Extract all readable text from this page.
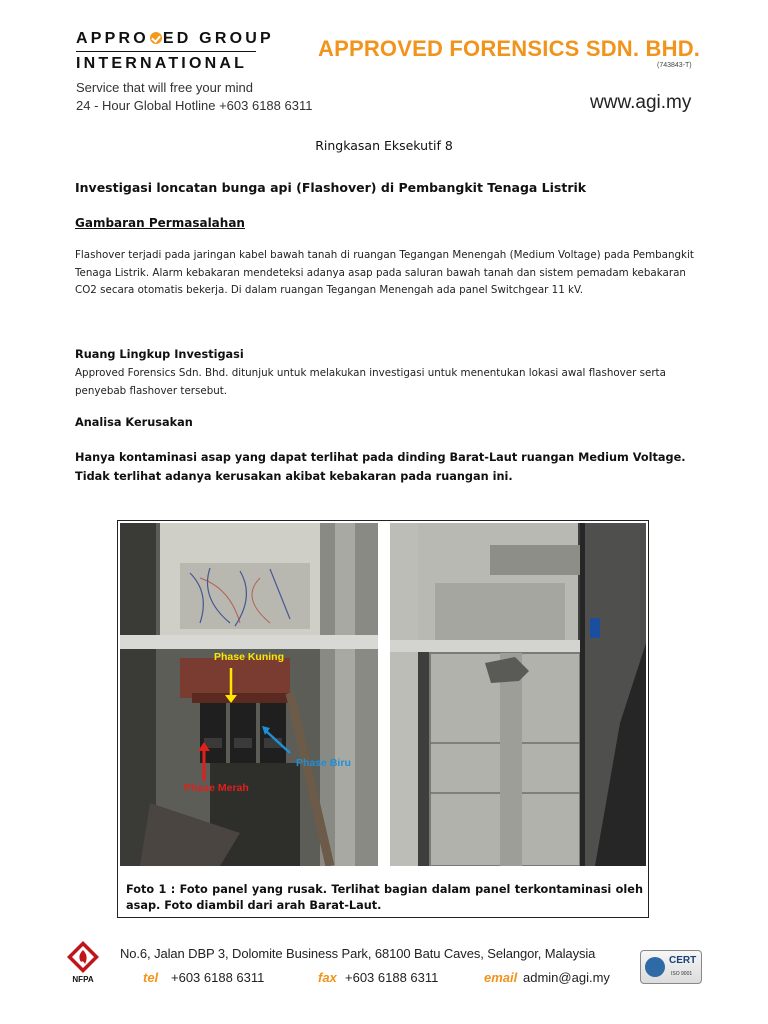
APPRO ED GROUP
INTERNATIONAL
Service that will free your mind
24 - Hour Global Hotline +603 6188 6311
APPROVED FORENSICS SDN. BHD.
(743843-T)
www.agi.my
Ringkasan Eksekutif 8
Investigasi loncatan bunga api (Flashover) di Pembangkit Tenaga Listrik
Gambaran Permasalahan
Flashover terjadi pada jaringan kabel bawah tanah di ruangan Tegangan Menengah (Medium Voltage) pada Pembangkit Tenaga Listrik. Alarm kebakaran mendeteksi adanya asap pada saluran bawah tanah dan sistem pemadam kebakaran CO2 secara otomatis bekerja. Di dalam ruangan Tegangan Menengah ada panel Switchgear 11 kV.
Ruang Lingkup Investigasi
Approved Forensics Sdn. Bhd. ditunjuk untuk melakukan investigasi untuk menentukan lokasi awal flashover serta penyebab flashover tersebut.
Analisa Kerusakan
Hanya kontaminasi asap yang dapat terlihat pada dinding Barat-Laut ruangan Medium Voltage. Tidak terlihat adanya kerusakan akibat kebakaran pada ruangan ini.
Phase Kuning
Phase Biru
Phase Merah
Foto 1 : Foto panel yang rusak. Terlihat bagian dalam panel terkontaminasi oleh asap. Foto diambil dari arah Barat-Laut.
NFPA
No.6, Jalan DBP 3, Dolomite Business Park, 68100 Batu Caves, Selangor, Malaysia
tel +603 6188 6311	fax +603 6188 6311	email admin@agi.my
CERT
ISO 9001
